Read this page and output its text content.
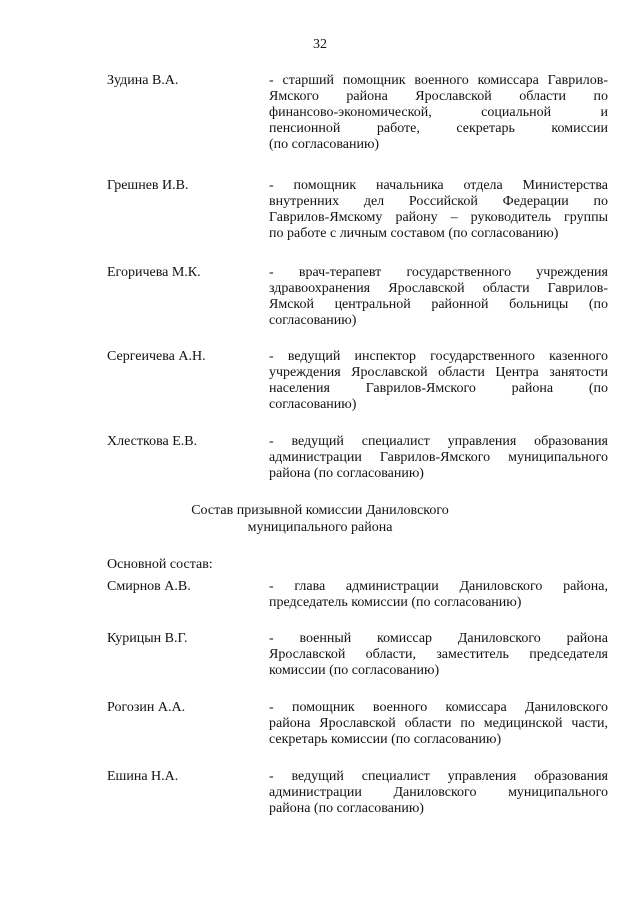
32
Зудина В.А.	- старший помощник военного комиссара Гаврилов-
Ямского района Ярославской области по
финансово-экономической, социальной и
пенсионной работе, секретарь комиссии
(по согласованию)
Грешнев И.В.	- помощник начальника отдела Министерства
внутренних дел Российской Федерации по
Гаврилов-Ямскому району – руководитель группы
по работе с личным составом (по согласованию)
Егоричева М.К.	- врач-терапевт государственного учреждения
здравоохранения Ярославской области Гаврилов-
Ямской центральной районной больницы (по
согласованию)
Сергеичева А.Н.	- ведущий инспектор государственного казенного
учреждения Ярославской области Центра занятости
населения Гаврилов-Ямского района (по
согласованию)
Хлесткова Е.В.	- ведущий специалист управления образования
администрации Гаврилов-Ямского муниципального
района (по согласованию)
Состав призывной комиссии Даниловского
муниципального района
Основной состав:
Смирнов А.В.	- глава администрации Даниловского района,
председатель комиссии (по согласованию)
Курицын В.Г.	- военный комиссар Даниловского района
Ярославской области, заместитель председателя
комиссии (по согласованию)
Рогозин А.А.	- помощник военного комиссара Даниловского
района Ярославской области по медицинской части,
секретарь комиссии (по согласованию)
Ешина Н.А.	- ведущий специалист управления образования
администрации Даниловского муниципального
района (по согласованию)
